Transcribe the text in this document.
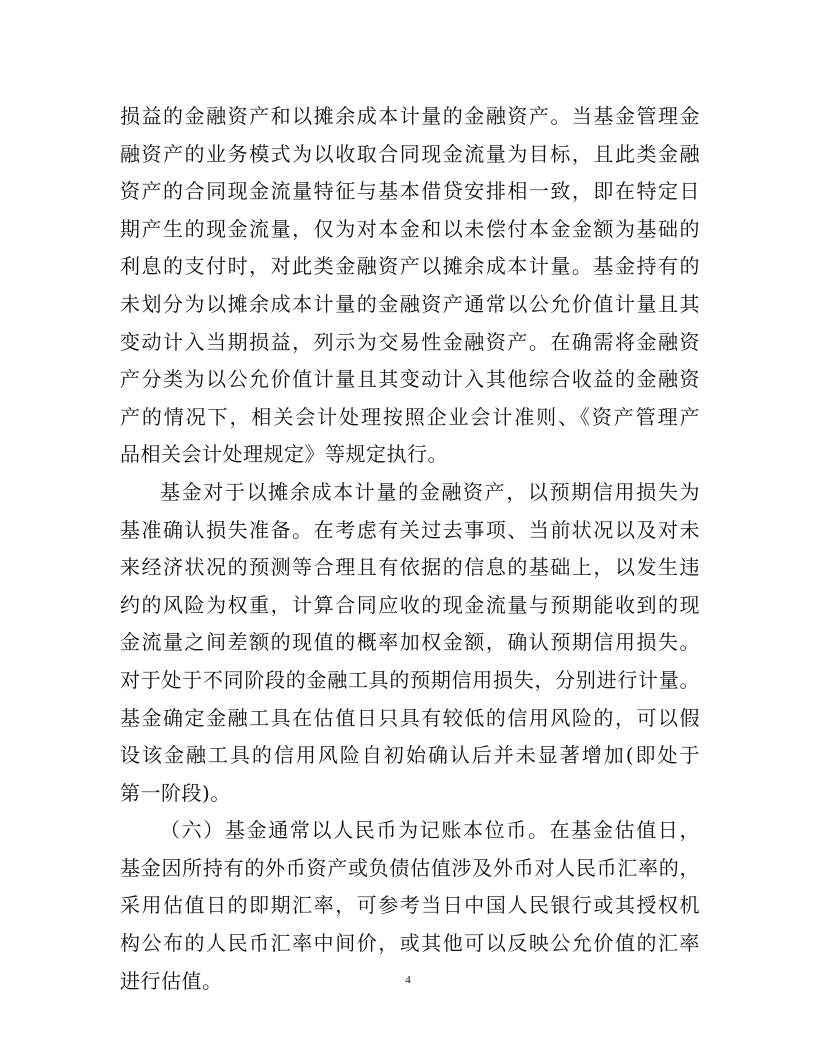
损益的金融资产和以摊余成本计量的金融资产。当基金管理金
融资产的业务模式为以收取合同现金流量为目标，且此类金融
资产的合同现金流量特征与基本借贷安排相一致，即在特定日
期产生的现金流量，仅为对本金和以未偿付本金金额为基础的
利息的支付时，对此类金融资产以摊余成本计量。基金持有的
未划分为以摊余成本计量的金融资产通常以公允价值计量且其
变动计入当期损益，列示为交易性金融资产。在确需将金融资
产分类为以公允价值计量且其变动计入其他综合收益的金融资
产的情况下，相关会计处理按照企业会计准则、《资产管理产
品相关会计处理规定》等规定执行。
基金对于以摊余成本计量的金融资产，以预期信用损失为
基准确认损失准备。在考虑有关过去事项、当前状况以及对未
来经济状况的预测等合理且有依据的信息的基础上，以发生违
约的风险为权重，计算合同应收的现金流量与预期能收到的现
金流量之间差额的现值的概率加权金额，确认预期信用损失。
对于处于不同阶段的金融工具的预期信用损失，分别进行计量。
基金确定金融工具在估值日只具有较低的信用风险的，可以假
设该金融工具的信用风险自初始确认后并未显著增加(即处于
第一阶段)。
（六）基金通常以人民币为记账本位币。在基金估值日，
基金因所持有的外币资产或负债估值涉及外币对人民币汇率的，
采用估值日的即期汇率，可参考当日中国人民银行或其授权机
构公布的人民币汇率中间价，或其他可以反映公允价值的汇率
进行估值。	4
